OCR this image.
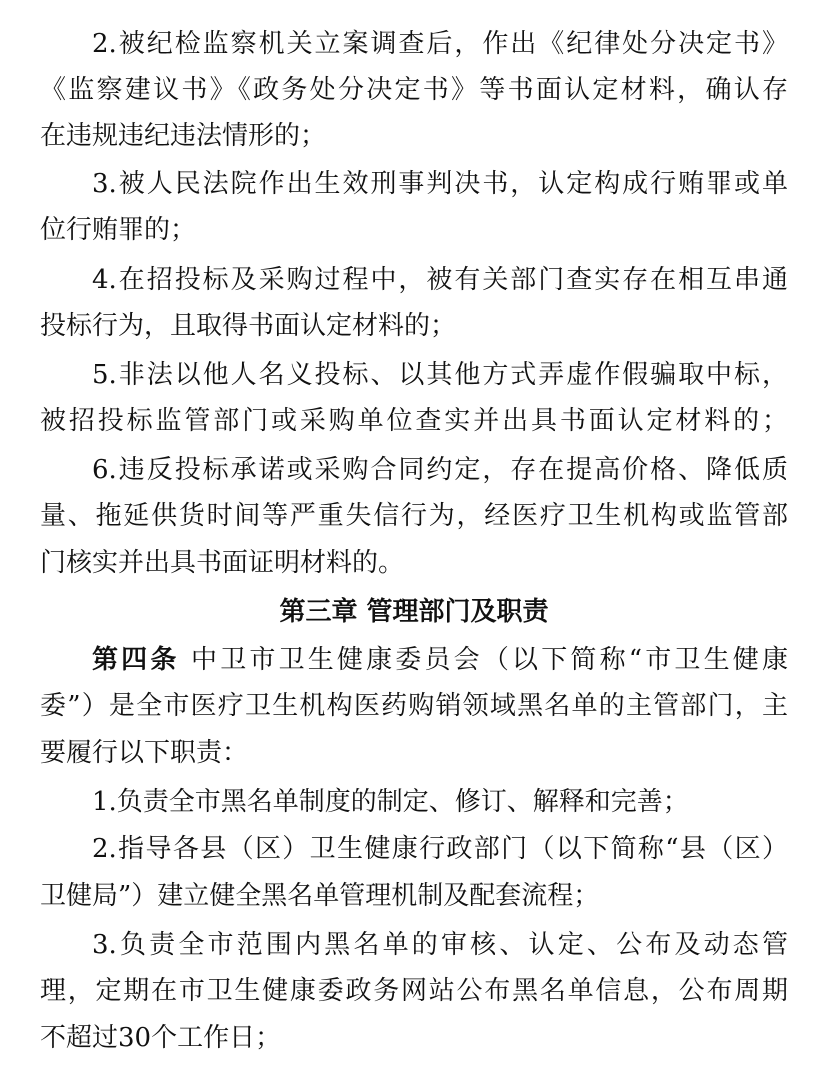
2.被纪检监察机关立案调查后，作出《纪律处分决定书》
《监察建议书》《政务处分决定书》等书面认定材料，确认存
在违规违纪违法情形的；
3.被人民法院作出生效刑事判决书，认定构成行贿罪或单
位行贿罪的；
4.在招投标及采购过程中，被有关部门查实存在相互串通
投标行为，且取得书面认定材料的；
5.非法以他人名义投标、以其他方式弄虚作假骗取中标，
被招投标监管部门或采购单位查实并出具书面认定材料的；
6.违反投标承诺或采购合同约定，存在提高价格、降低质
量、拖延供货时间等严重失信行为，经医疗卫生机构或监管部
门核实并出具书面证明材料的。
第三章 管理部门及职责
第四条 中卫市卫生健康委员会（以下简称“市卫生健康
委”）是全市医疗卫生机构医药购销领域黑名单的主管部门，主
要履行以下职责：
1.负责全市黑名单制度的制定、修订、解释和完善；
2.指导各县（区）卫生健康行政部门（以下简称“县（区）
卫健局”）建立健全黑名单管理机制及配套流程；
3.负责全市范围内黑名单的审核、认定、公布及动态管
理，定期在市卫生健康委政务网站公布黑名单信息，公布周期
不超过30个工作日；
